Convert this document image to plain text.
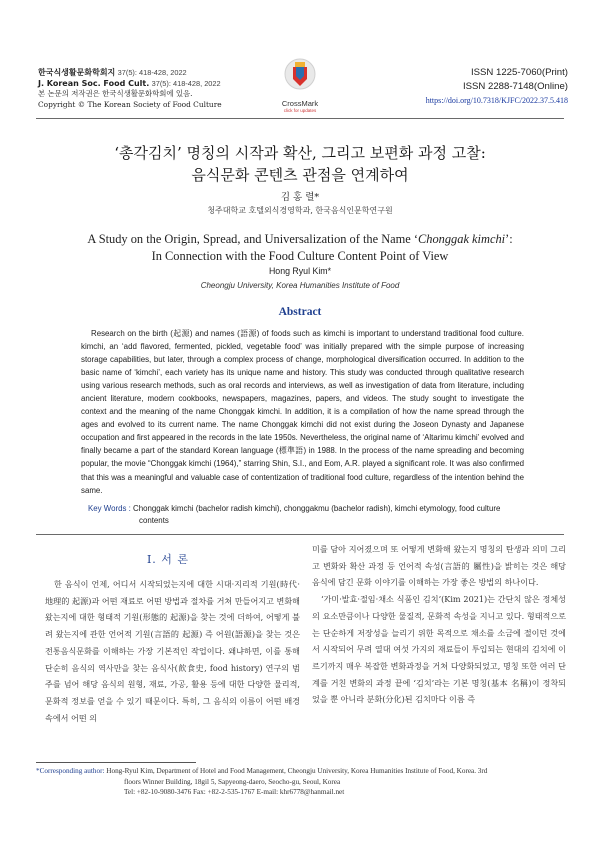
한국식생활문화학회지 37(5): 418-428, 2022
J. Korean Soc. Food Cult. 37(5): 418-428, 2022
본 논문의 저작권은 한국식생활문화학회에 있음.
Copyright © The Korean Society of Food Culture	CrossMark
click for updates
ISSN 1225-7060(Print)
ISSN 2288-7148(Online)
https://doi.org/10.7318/KJFC/2022.37.5.418
‘총각김치’ 명칭의 시작과 확산, 그리고 보편화 과정 고찰:
음식문화 콘텐츠 관점을 연계하여
김 홍 렬*
청주대학교 호텔외식경영학과, 한국음식인문학연구원
A Study on the Origin, Spread, and Universalization of the Name ‘Chonggak kimchi’:
In Connection with the Food Culture Content Point of View
Hong Ryul Kim*
Cheongju University, Korea Humanities Institute of Food
Abstract

Research on the birth (起源) and names (語源) of foods such as kimchi is important to understand traditional food culture. kimchi, an ‘add flavored, fermented, pickled, vegetable food’ was initially prepared with the simple purpose of increasing storage capabilities, but later, through a complex process of change, morphological diversification occurred. In addition to the basic name of ‘kimchi’, each variety has its unique name and history. This study was conducted through qualitative research using various research methods, such as oral records and interviews, as well as investigation of data from literature, including ancient literature, modern cookbooks, newspapers, magazines, papers, and videos. The study sought to investigate the context and the meaning of the name Chonggak kimchi. In addition, it is a compilation of how the name spread through the ages and evolved to its current name. The name Chonggak kimchi did not exist during the Joseon Dynasty and Japanese occupation and first appeared in the records in the late 1950s. Nevertheless, the original name of ‘Altarimu kimchi’ evolved and finally became a part of the standard Korean language (標準語) in 1988. In the process of the name spreading and becoming popular, the movie “Chonggak kimchi (1964),” starring Shin, S.I., and Eom, A.R. played a significant role. It was also confirmed that this was a meaningful and valuable case of contentization of traditional food culture, regardless of the intention behind the same.

Key Words : Chonggak kimchi (bachelor radish kimchi), chonggakmu (bachelor radish), kimchi etymology, food culture
contents
Ⅰ. 서 론

한 음식이 언제, 어디서 시작되었는지에 대한 시대·지리적 기원(時代·地理的 起源)과 어떤 재료로 어떤 방법과 절차를 거쳐 만들어지고 변화해 왔는지에 대한 형태적 기원(形態的 起源)을 찾는 것에 더하여, 어떻게 불려 왔는지에 관한 언어적 기원(言語的 起源) 즉 어원(語源)을 찾는 것은 전통음식문화를 이해하는 가장 기본적인 작업이다. 왜냐하면, 이를 통해 단순히 음식의 역사만을 찾는 음식사(飮食史, food history) 연구의 범주를 넘어 해당 음식의 원형, 재료, 가공, 활용 등에 대한 다양한 물리적, 문화적 정보를 얻을 수 있기 때문이다. 특히, 그 음식의 이름이 어떤 배경 속에서 어떤 의

미를 담아 지어졌으며 또 어떻게 변화해 왔는지 명칭의 탄생과 의미 그리고 변화와 확산 과정 등 언어적 속성(言語的 屬性)을 밝히는 것은 해당 음식에 담긴 문화 이야기를 이해하는 가장 좋은 방법의 하나이다.

‘가미·발효·절임·채소 식품인 김치’(Kim 2021)는 간단치 않은 정체성의 요소만큼이나 다양한 물질적, 문화적 속성을 지니고 있다. 형태적으로는 단순하게 저장성을 늘리기 위한 목적으로 채소를 소금에 절이던 것에서 시작되어 무려 열대 여섯 가지의 재료들이 투입되는 현대의 김치에 이르기까지 매우 복잡한 변화과정을 거쳐 다양화되었고, 명칭 또한 여러 단계를 거친 변화의 과정 끝에 ‘김치’라는 기본 명칭(基本 名稱)이 정착되었을 뿐 아니라 분화(分化)된 김치마다 이름 즉

*Corresponding author: Hong-Ryul Kim, Department of Hotel and Food Management, Cheongju University, Korea Humanities Institute of Food, Korea. 3rd
floors Winner Building, 18gil 5, Sapyeong-daero, Seocho-gu, Seoul, Korea
Tel: +82-10-9080-3476 Fax: +82-2-535-1767 E-mail: khr6778@hanmail.net
